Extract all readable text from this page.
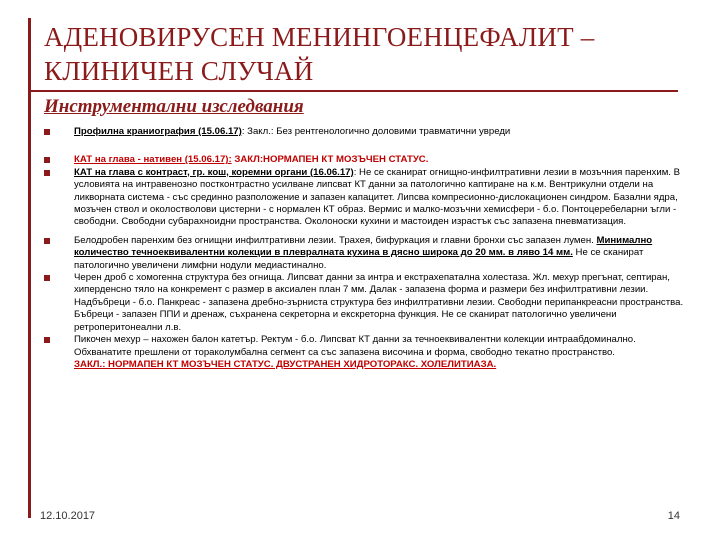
АДЕНОВИРУСЕН МЕНИНГОЕНЦЕФАЛИТ – КЛИНИЧЕН СЛУЧАЙ
Инструментални изследвания
Профилна краниография (15.06.17): Закл.: Без рентгенологично доловими травматични увреди
КАТ на глава - нативен (15.06.17): ЗАКЛ:НОРМАПЕН КТ МОЗЪЧЕН СТАТУС.
КАТ на глава с контраст, гр. кош, коремни органи (16.06.17): Не се сканират огнищно-инфилтративни лезии в мозъчния паренхим. В условията на интравенозно постконтрастно усилване липсват КТ данни за патологично каптиране на к.м. Вентрикулни отдели на ликворната система - със срединно разположение и запазен капацитет. Липсва компресионно-дислокационен синдром. Базални ядра, мозъчен ствол и околостволови цистерни - с нормален КТ образ. Вермис и малко-мозъчни хемисфери - б.о. Понтоцеребеларни ъгли - свободни. Свободни субарахноидни пространства. Околоноски кухини и мастоиден израстък със запазена пневматизация.
Белодробен паренхим без огнищни инфилтративни лезии. Трахея, бифуркация и главни бронхи със запазен лумен. Минимално количество течноеквивалентни колекции в плевралната кухина в дясно широка до 20 мм. в ляво 14 мм. Не се сканират патологично увеличени лимфни нодули медиастинално.
Черен дроб с хомогенна структура без огнища. Липсват данни за интра и екстрахепатална холестаза. Жл. мехур прегънат, септиран, хиперденсно тяло на конкремент с размер в аксиален план 7 мм. Далак - запазена форма и размери без инфилтративни лезии. Надбъбреци - б.о. Панкреас - запазена дребно-зърнистa структура без инфилтративни лезии. Свободни перипанкреасни пространства. Бъбреци - запазен ППИ и дренаж, съхранена секреторна и екскреторна функция. Не се сканират патологично увеличени ретроперитонеални л.в.
Пикочен мехур – нахожен балон катетър. Ректум - б.о. Липсват КТ данни за течноеквивалентни колекции интраабдоминално. Обхванатите прешлени от тораколумбална сегмент са със запазена височина и форма, свободно текатно пространство.
ЗАКЛ.: НОРМАПЕН КТ МОЗЪЧЕН СТАТУС. ДВУСТРАНЕН ХИДРОТОРАКС. ХОЛЕЛИТИАЗА.
12.10.2017	14
